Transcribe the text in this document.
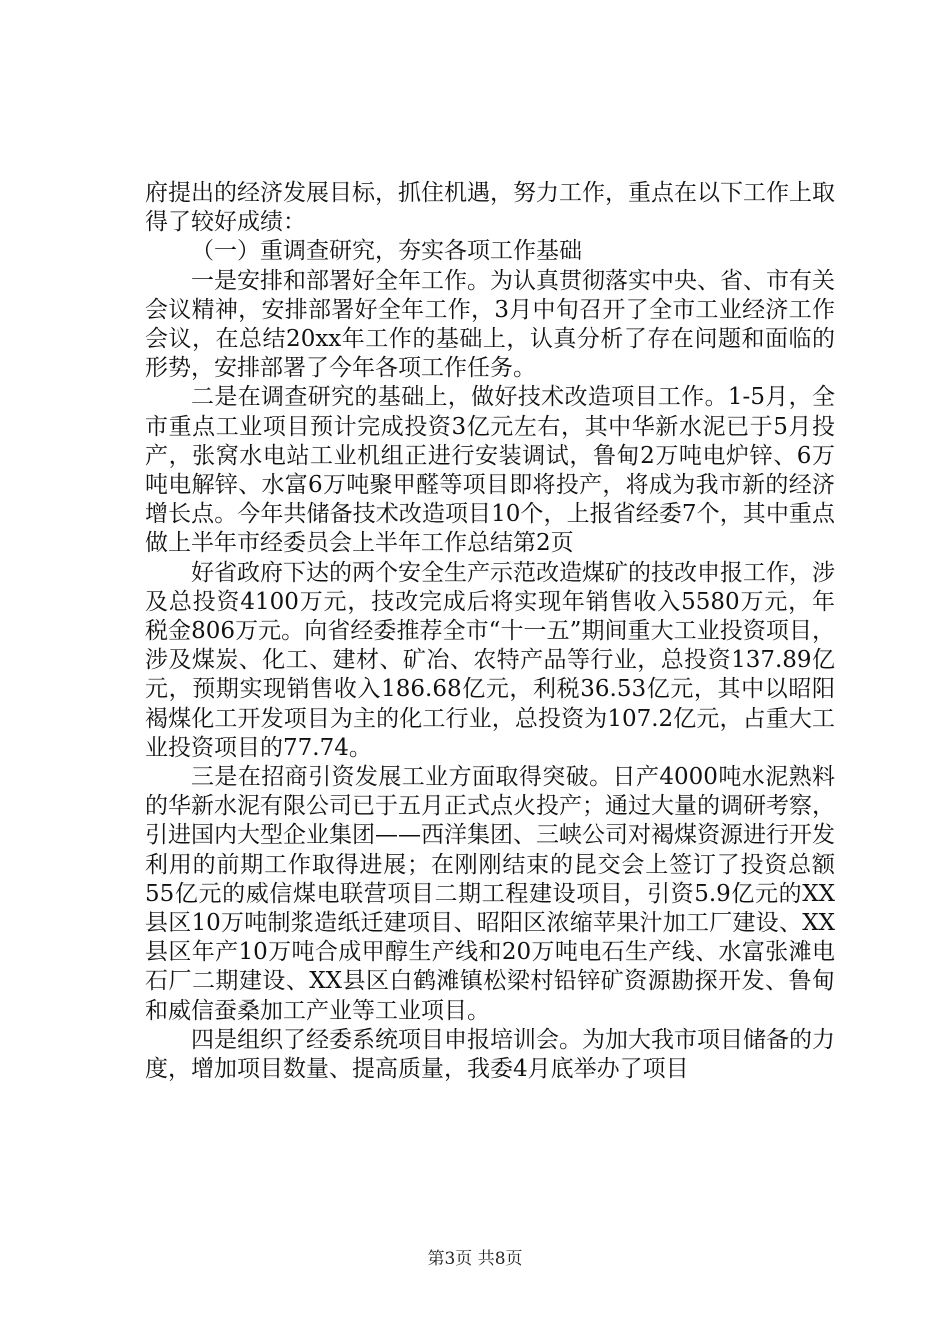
府提出的经济发展目标，抓住机遇，努力工作，重点在以下工作上取得了较好成绩：

（一）重调查研究，夯实各项工作基础

一是安排和部署好全年工作。为认真贯彻落实中央、省、市有关会议精神，安排部署好全年工作，3月中旬召开了全市工业经济工作会议，在总结20xx年工作的基础上，认真分析了存在问题和面临的形势，安排部署了今年各项工作任务。

二是在调查研究的基础上，做好技术改造项目工作。1-5月，全市重点工业项目预计完成投资3亿元左右，其中华新水泥已于5月投产，张窝水电站工业机组正进行安装调试，鲁甸2万吨电炉锌、6万吨电解锌、水富6万吨聚甲醛等项目即将投产，将成为我市新的经济增长点。今年共储备技术改造项目10个，上报省经委7个，其中重点做上半年市经委员会上半年工作总结第2页

好省政府下达的两个安全生产示范改造煤矿的技改申报工作，涉及总投资4100万元，技改完成后将实现年销售收入5580万元，年税金806万元。向省经委推荐全市“十一五”期间重大工业投资项目，涉及煤炭、化工、建材、矿冶、农特产品等行业，总投资137.89亿元，预期实现销售收入186.68亿元，利税36.53亿元，其中以昭阳褐煤化工开发项目为主的化工行业，总投资为107.2亿元，占重大工业投资项目的77.74。

三是在招商引资发展工业方面取得突破。日产4000吨水泥熟料的华新水泥有限公司已于五月正式点火投产；通过大量的调研考察，引进国内大型企业集团——西洋集团、三峡公司对褐煤资源进行开发利用的前期工作取得进展；在刚刚结束的昆交会上签订了投资总额55亿元的威信煤电联营项目二期工程建设项目，引资5.9亿元的XX县区10万吨制浆造纸迁建项目、昭阳区浓缩苹果汁加工厂建设、XX县区年产10万吨合成甲醇生产线和20万吨电石生产线、水富张滩电石厂二期建设、XX县区白鹤滩镇松梁村铅锌矿资源勘探开发、鲁甸和威信蚕桑加工产业等工业项目。

四是组织了经委系统项目申报培训会。为加大我市项目储备的力度，增加项目数量、提高质量，我委4月底举办了项目

第3页 共8页
